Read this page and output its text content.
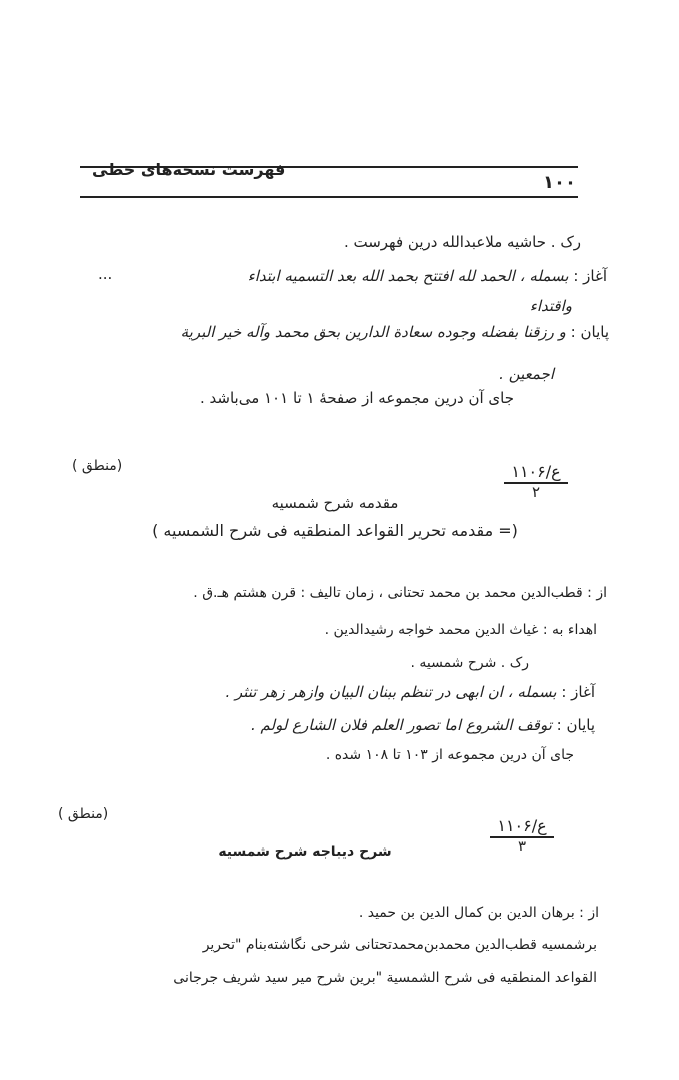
فهرست نسخه‌های خطی
۱۰۰
رک . حاشیه ملاعبدالله درین فهرست .
آغاز : بسمله ، الحمد لله افتتح بحمد الله بعد التسمیه ابتداء
...
واقتداء
پایان : و رزقنا بفضله وجوده سعادة الدارین بحق محمد وآله خیر البریة
اجمعین .
جای آن درین مجموعه از صفحه‌ٔ ۱ تا ۱۰۱ می‌باشد .
(منطق )	ع/۱۱۰۶
۲
مقدمه شرح شمسیه
(= مقدمه تحریر القواعد المنطقیه فی شرح الشمسیه )
از : قطب‌الدین محمد بن محمد تحتانی ، زمان تالیف : قرن هشتم هـ.ق .
اهداء به : غیاث الدین محمد خواجه رشیدالدین .
رک . شرح شمسیه .
آغاز : بسمله ، ان ابهی در تنظم ببنان البیان وازهر زهر تنثر .
پایان : توقف الشروع اما تصور العلم فلان الشارع لولم .
جای آن درین مجموعه از ۱۰۳ تا ۱۰۸ شده .
(منطق )
ع/۱۱۰۶
۳
شرح دیباجه شرح شمسیه
از : برهان الدین بن کمال الدین بن حمید .
برشمسیه قطب‌الدین محمدبن‌محمدتحتانی شرحی نگاشته‌بنام "تحریر
القواعد المنطقیه فی شرح الشمسیة "برین شرح میر سید شریف جرجانی
